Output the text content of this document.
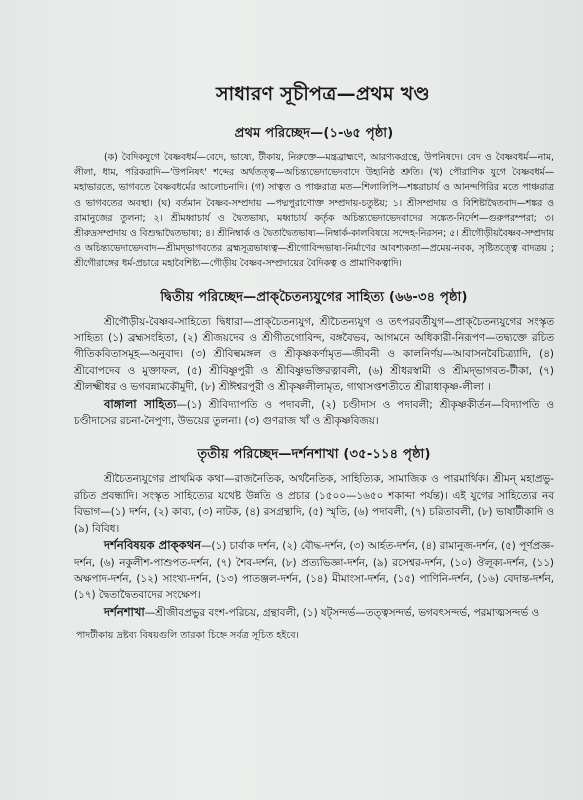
সাধারণ সূচীপত্র—প্রথম খণ্ড
প্রথম পরিচ্ছেদ—(১-৬৫ পৃষ্ঠা)

(ক) বৈদিকযুগে বৈষ্ণবধর্ম—বেদে, ভাষ্যে, টীকায়, নিরুক্তে—মন্ত্রব্রাহ্মণে, আরণ্যকগ্রন্থে, উপনিষদে। বেদ ও বৈষ্ণবধর্ম—নাম, লীলা, ধাম, পরিকরাদি—'উপনিষৎ' শব্দের অর্থতত্ত্ব—অচিন্ত্যভেদাভেদবাদে উহ্যনিষ্ঠ শ্রুতি। (খ) পৌরাণিক যুগে বৈষ্ণবধর্ম—মহাভারতে, ভাগবতে বৈষ্ণবধর্মের আলোচনাদি। (গ) সাত্বত ও পাঞ্চরাত্র মত—শিলালিপি—শঙ্করাচার্য ও আনন্দগিরির মতে পাঞ্চরাত্র ও ভাগবতের অবস্থা। (ঘ) বর্তমান বৈষ্ণব-সম্প্রদায় —পদ্মপুরাণোক্ত সম্প্রদায়-চতুষ্টয়; ১। শ্রীসম্প্রদায় ও বিশিষ্টাদ্বৈতবাদ—শঙ্কর ও রামানুজের তুলনা; ২। শ্রীমধ্বাচার্য ও দ্বৈতভাষ্য, মধ্বাচার্য কর্তৃক অচিন্ত্যভেদাভেদবাদের সঙ্কেত-নির্দেশ—গুরুপরম্পরা; ৩। শ্রীরুদ্রসম্প্রদায় ও বিশুদ্ধাদ্বৈতভাষ্য; ৪। শ্রীনিম্বার্ক ও দ্বৈতাদ্বৈতভাষ্য—নিম্বার্ক-কালবিষয়ে সন্দেহ-নিরসন; ৫। শ্রীগৌড়ীয়বৈষ্ণব-সম্প্রদায় ও অচিন্ত্যভেদাভেদবাদ—শ্রীমদ্‌ভাগবতের ব্রহ্মসূত্রভাষ্যত্ব—শ্রীগোবিন্দভাষ্য-নির্মাণের আবশ্যকতা—প্রমেয়-নবক, সৃষ্টিতত্ত্বে বাদত্রয় ; শ্রীগৌরাঙ্গের ধর্ম-প্রচারে মহাবৈশিষ্ট্য—গৌড়ীয় বৈষ্ণব-সম্প্রদায়ের বৈদিকত্ব ও প্রামাণিকত্বাদি।

দ্বিতীয় পরিচ্ছেদ—প্রাক্‌চৈতন্যযুগের সাহিত্য (৬৬-৩৪ পৃষ্ঠা)

শ্রীগৌড়ীয়-বৈষ্ণব-সাহিত্যে দ্বিধারা—প্রাক্‌চৈতন্যযুগ, শ্রীচৈতন্যযুগ ও তৎপরবর্তীযুগ—প্রাক্‌চৈতন্যযুগের সংস্কৃত সাহিত্য (১) ব্রহ্মসংহিতা, (২) শ্রীজয়দেব ও শ্রীগীতগোবিন্দ, বঙ্গবৈভব, আগমনে অধিকারী-নিরূপণ—তদ্ব্যক্তে রচিত গীতিকবিতাসমূহ—অনুবাদ। (৩) শ্রীবিল্বমঙ্গল ও শ্রীকৃষ্ণকর্ণামৃত—জীবনী ও কালনির্ণয়—আবাসনবৈচিত্র্যাদি, (৪) শ্রীবোপদেব ও মুক্তাফল, (৫) শ্রীবিষ্ণুপুরী ও শ্রীবিষ্ণুভক্তিরত্নাবলী, (৬) শ্রীধরস্বামী ও শ্রীমদ্‌ভাগবত-টীকা, (৭) শ্রীলক্ষ্মীধর ও ভগবন্নামকৌমুদী, (৮) শ্রীঈশ্বরপুরী ও শ্রীকৃষ্ণলীলামৃত, গাথাসপ্তশতীতে শ্রীরাধাকৃষ্ণ-লীলা ।

বাঙ্গালা সাহিত্য—(১) শ্রীবিদ্যাপতি ও পদাবলী, (২) চণ্ডীদাস ও পদাবলী; শ্রীকৃষ্ণকীর্তন—বিদ্যাপতি ও চণ্ডীদাসের রচনা-নৈপুণ্য, উভয়ের তুলনা। (৩) গুণরাজ খাঁ ও শ্রীকৃষ্ণবিজয়।

তৃতীয় পরিচ্ছেদ—দর্শনশাখা (৩৫-১১৪ পৃষ্ঠা)

শ্রীচৈতন্যযুগের প্রাথমিক কথা—রাজনৈতিক, অর্থনৈতিক, সাহিত্যিক, সামাজিক ও পারমার্থিক। শ্রীমন্‌ মহাপ্রভু-রচিত প্রবন্ধাদি। সংস্কৃত সাহিত্যের যথেষ্ট উন্নতি ও প্রচার (১৫০০—১৬৫০ শকাব্দা পর্যন্ত)। এই যুগের সাহিত্যের নব বিভাগ—(১) দর্শন, (২) কাব্য, (৩) নাটক, (৪) রসগ্রন্থাদি, (৫) স্মৃতি, (৬) পদাবলী, (৭) চরিতাবলী, (৮) ভাষাটীকাদি ও (৯) বিবিধ।

দর্শনবিষয়ক প্রাক্‌কথন—(১) চার্বাক দর্শন, (২) বৌদ্ধ-দর্শন, (৩) আর্হত-দর্শন, (৪) রামানুজ-দর্শন, (৫) পূর্ণপ্রজ্ঞ-দর্শন, (৬) নকুলীশ-পাশুপত-দর্শন, (৭) শৈব-দর্শন, (৮) প্রত্যভিজ্ঞা-দর্শন, (৯) রসেশ্বর-দর্শন, (১০) ঔলূক্য-দর্শন, (১১) অক্ষপাদ-দর্শন, (১২) সাংখ্য-দর্শন, (১৩) পাতঞ্জল-দর্শন, (১৪) মীমাংসা-দর্শন, (১৫) পাণিনি-দর্শন, (১৬) বেদান্ত-দর্শন, (১৭) দ্বৈতাদ্বৈতবাদের সংক্ষেপ।

দর্শনশাখা—শ্রীজীবপ্রভুর বংশ-পরিচয়, গ্রন্থাবলী, (১) ষট্‌সন্দর্ভ—তত্ত্বসন্দর্ভ, ভগবৎসন্দর্ভ, পরমাত্মসন্দর্ভ ও

পাদটীকায় দ্রষ্টব্য বিষয়গুলি তারকা চিহ্নে সর্বত্র সূচিত হইবে।
